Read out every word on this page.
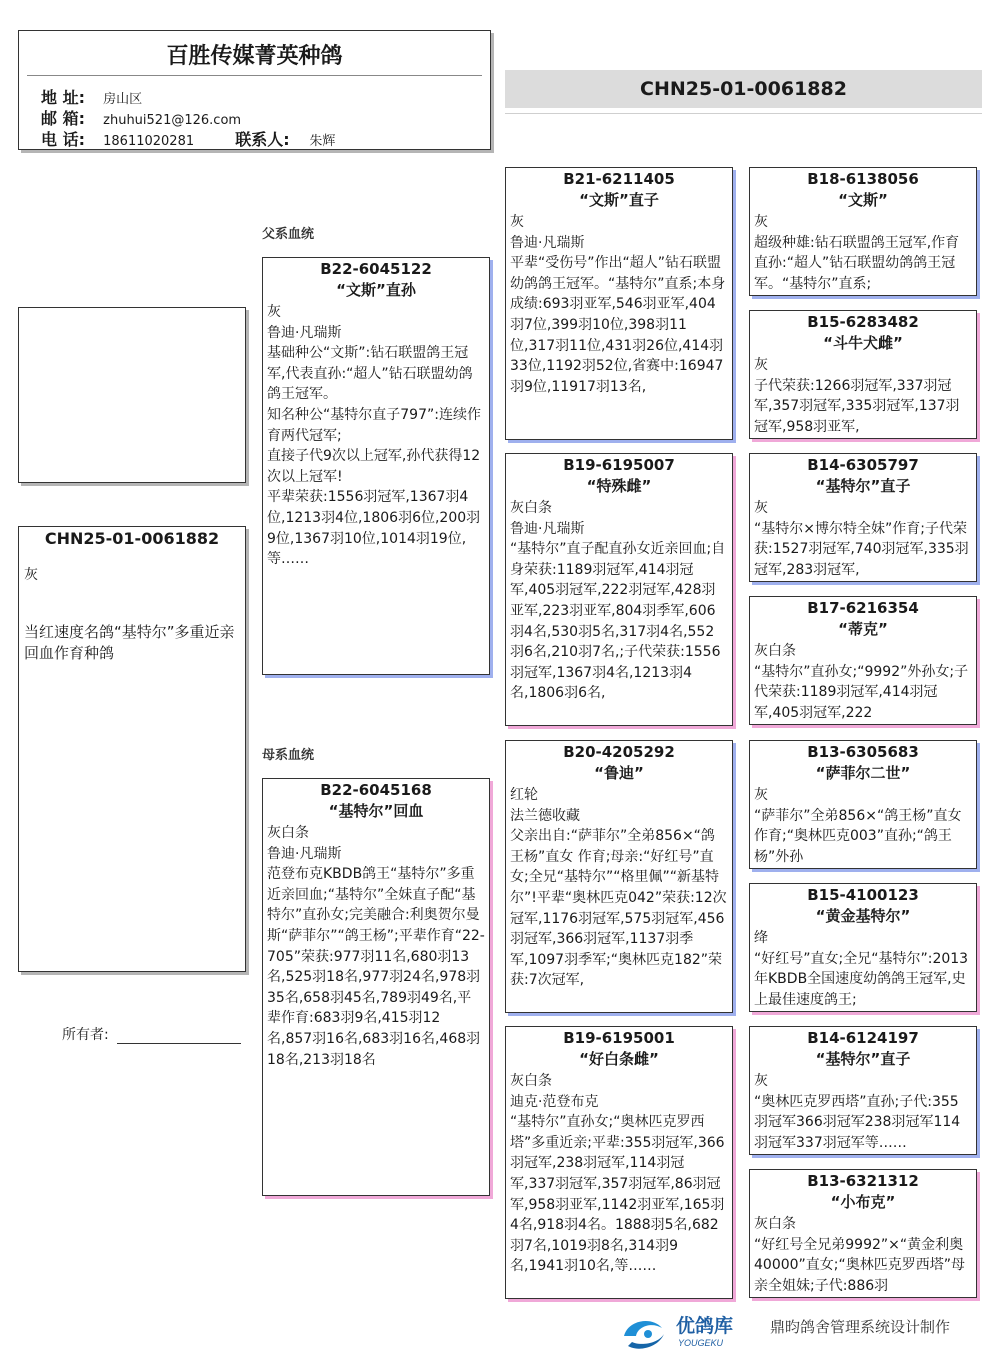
百胜传媒菁英种鸽
地 址: 房山区
邮 箱: zhuhui521@126.com
电 话: 18611020281	联系人: 朱辉
CHN25-01-0061882
父系血统
母系血统
CHN25-01-0061882
灰
当红速度名鸽“基特尔”多重近亲回血作育种鸽
所有者:
B22-6045122
“文斯”直孙
灰
鲁迪·凡瑞斯
基础种公“文斯”:钻石联盟鸽王冠军,代表直孙:“超人”钻石联盟幼鸽鸽王冠军。
知名种公“基特尔直子797”:连续作育两代冠军;
直接子代9次以上冠军,孙代获得12次以上冠军!
平辈荣获:1556羽冠军,1367羽4位,1213羽4位,1806羽6位,200羽9位,1367羽10位,1014羽19位,等……
B22-6045168
“基特尔”回血
灰白条
鲁迪·凡瑞斯
范登布克KBDB鸽王“基特尔”多重近亲回血;“基特尔”全妹直子配“基特尔”直孙女;完美融合:利奥贺尔曼斯“萨菲尔”“鸽王杨”;平辈作育“22-705”荣获:977羽11名,680羽13名,525羽18名,977羽24名,978羽35名,658羽45名,789羽49名,平辈作育:683羽9名,415羽12名,857羽16名,683羽16名,468羽18名,213羽18名
B21-6211405
“文斯”直子
灰
鲁迪·凡瑞斯
平辈“受伤号”作出“超人”钻石联盟幼鸽鸽王冠军。“基特尔”直系;本身成绩:693羽亚军,546羽亚军,404羽7位,399羽10位,398羽11位,317羽11位,431羽26位,414羽33位,1192羽52位,省赛中:16947羽9位,11917羽13名,
B19-6195007
“特殊雌”
灰白条
鲁迪·凡瑞斯
“基特尔”直子配直孙女近亲回血;自身荣获:1189羽冠军,414羽冠军,405羽冠军,222羽冠军,428羽亚军,223羽亚军,804羽季军,606羽4名,530羽5名,317羽4名,552羽6名,210羽7名,;子代荣获:1556羽冠军,1367羽4名,1213羽4名,1806羽6名,
B20-4205292
“鲁迪”
红轮
法兰德收藏
父亲出自:“萨菲尔”全弟856×“鸽王杨”直女 作育;母亲:“好红号”直女;全兄“基特尔”“格里佩”“新基特尔”!平辈“奥林匹克042”荣获:12次冠军,1176羽冠军,575羽冠军,456羽冠军,366羽冠军,1137羽季军,1097羽季军;“奥林匹克182”荣获:7次冠军,
B19-6195001
“好白条雌”
灰白条
迪克·范登布克
“基特尔”直孙女;“奥林匹克罗西塔”多重近亲;平辈:355羽冠军,366羽冠军,238羽冠军,114羽冠军,337羽冠军,357羽冠军,86羽冠军,958羽亚军,1142羽亚军,165羽4名,918羽4名。1888羽5名,682羽7名,1019羽8名,314羽9名,1941羽10名,等……
B18-6138056
“文斯”
灰
超级种雄:钻石联盟鸽王冠军,作育直孙:“超人”钻石联盟幼鸽鸽王冠军。“基特尔”直系;
B15-6283482
“斗牛犬雌”
灰
子代荣获:1266羽冠军,337羽冠军,357羽冠军,335羽冠军,137羽冠军,958羽亚军,
B14-6305797
“基特尔”直子
灰
“基特尔×博尔特全妹”作育;子代荣获:1527羽冠军,740羽冠军,335羽冠军,283羽冠军,
B17-6216354
“蒂克”
灰白条
“基特尔”直孙女;“9992”外孙女;子代荣获:1189羽冠军,414羽冠军,405羽冠军,222
B13-6305683
“萨菲尔二世”
灰
“萨菲尔”全弟856×“鸽王杨”直女作育;“奥林匹克003”直孙;“鸽王杨”外孙
B15-4100123
“黄金基特尔”
绛
“好红号”直女;全兄“基特尔”:2013年KBDB全国速度幼鸽鸽王冠军,史上最佳速度鸽王;
B14-6124197
“基特尔”直子
灰
“奥林匹克罗西塔”直孙;子代:355羽冠军366羽冠军238羽冠军114羽冠军337羽冠军等……
B13-6321312
“小布克”
灰白条
“好红号全兄弟9992”×“黄金利奥40000”直女;“奥林匹克罗西塔”母亲全姐妹;子代:886羽
优鸽库
YOUGEKU
鼎昀鸽舍管理系统设计制作
